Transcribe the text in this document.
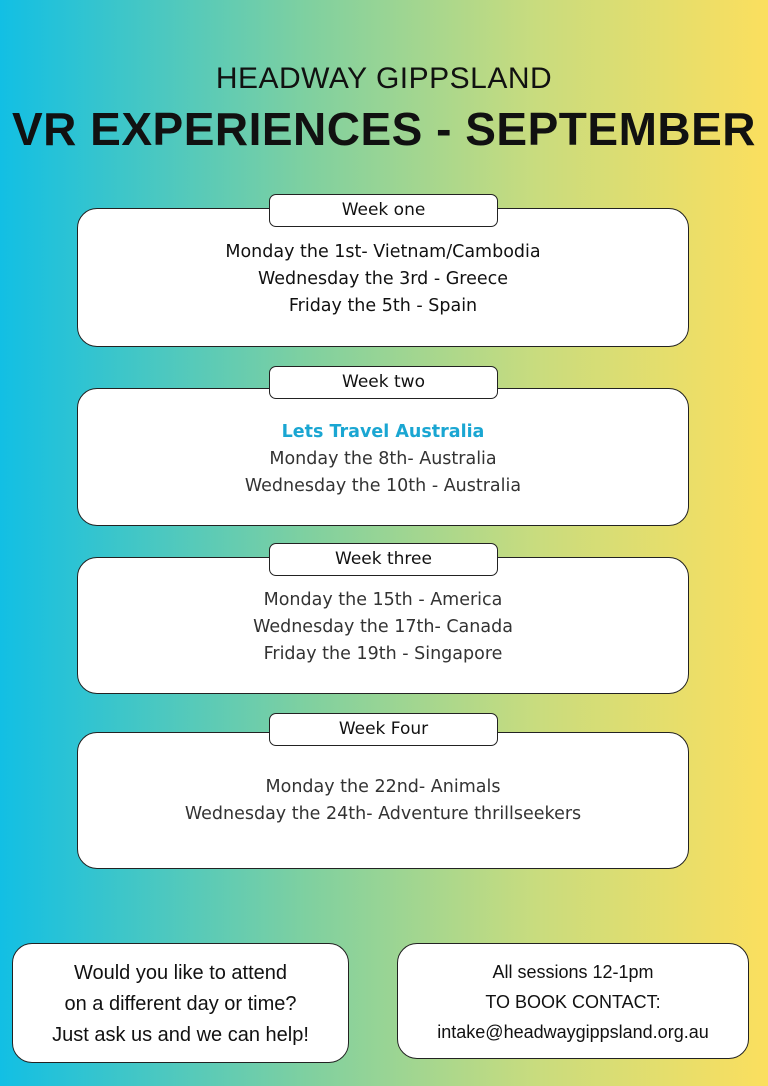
HEADWAY GIPPSLAND
VR EXPERIENCES - SEPTEMBER
Monday the 1st- Vietnam/Cambodia
Wednesday the 3rd - Greece
Friday the 5th - Spain
Week one
Lets Travel Australia
Monday the 8th- Australia
Wednesday the 10th - Australia
Week two
Monday the 15th - America
Wednesday the 17th- Canada
Friday the 19th - Singapore
Week three
Monday the 22nd- Animals
Wednesday the 24th- Adventure thrillseekers
Week Four
Would you like to attend
on a different day or time?
Just ask us and we can help!
All sessions 12-1pm
TO BOOK CONTACT:
intake@headwaygippsland.org.au
